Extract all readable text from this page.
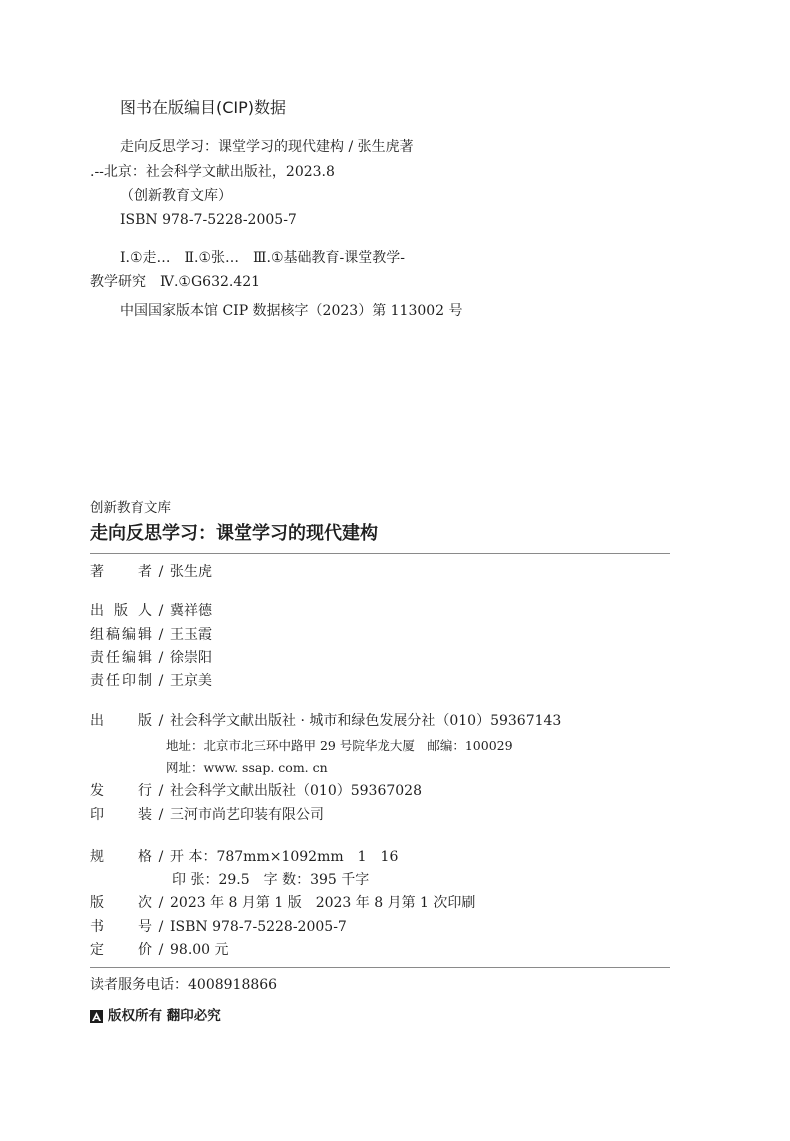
图书在版编目(CIP)数据
走向反思学习：课堂学习的现代建构 / 张生虎著
.--北京：社会科学文献出版社，2023.8
（创新教育文库）
ISBN 978-7-5228-2005-7
Ⅰ.①走…　Ⅱ.①张…　Ⅲ.①基础教育-课堂教学-
教学研究　Ⅳ.①G632.421
中国国家版本馆 CIP 数据核字（2023）第 113002 号
创新教育文库
走向反思学习：课堂学习的现代建构
著　　者 / 张生虎
出 版 人 / 冀祥德
组稿编辑 / 王玉霞
责任编辑 / 徐崇阳
责任印制 / 王京美
出　　版 / 社会科学文献出版社 · 城市和绿色发展分社（010）59367143
地址：北京市北三环中路甲 29 号院华龙大厦　邮编：100029
网址：www. ssap. com. cn
发　　行 / 社会科学文献出版社（010）59367028
印　　装 / 三河市尚艺印装有限公司
规　　格 / 开 本：787mm×1092mm　1　16
印 张：29.5　字 数：395 千字
版　　次 / 2023 年 8 月第 1 版　2023 年 8 月第 1 次印刷
书　　号 / ISBN 978-7-5228-2005-7
定　　价 / 98.00 元
读者服务电话：4008918866
版权所有 翻印必究
